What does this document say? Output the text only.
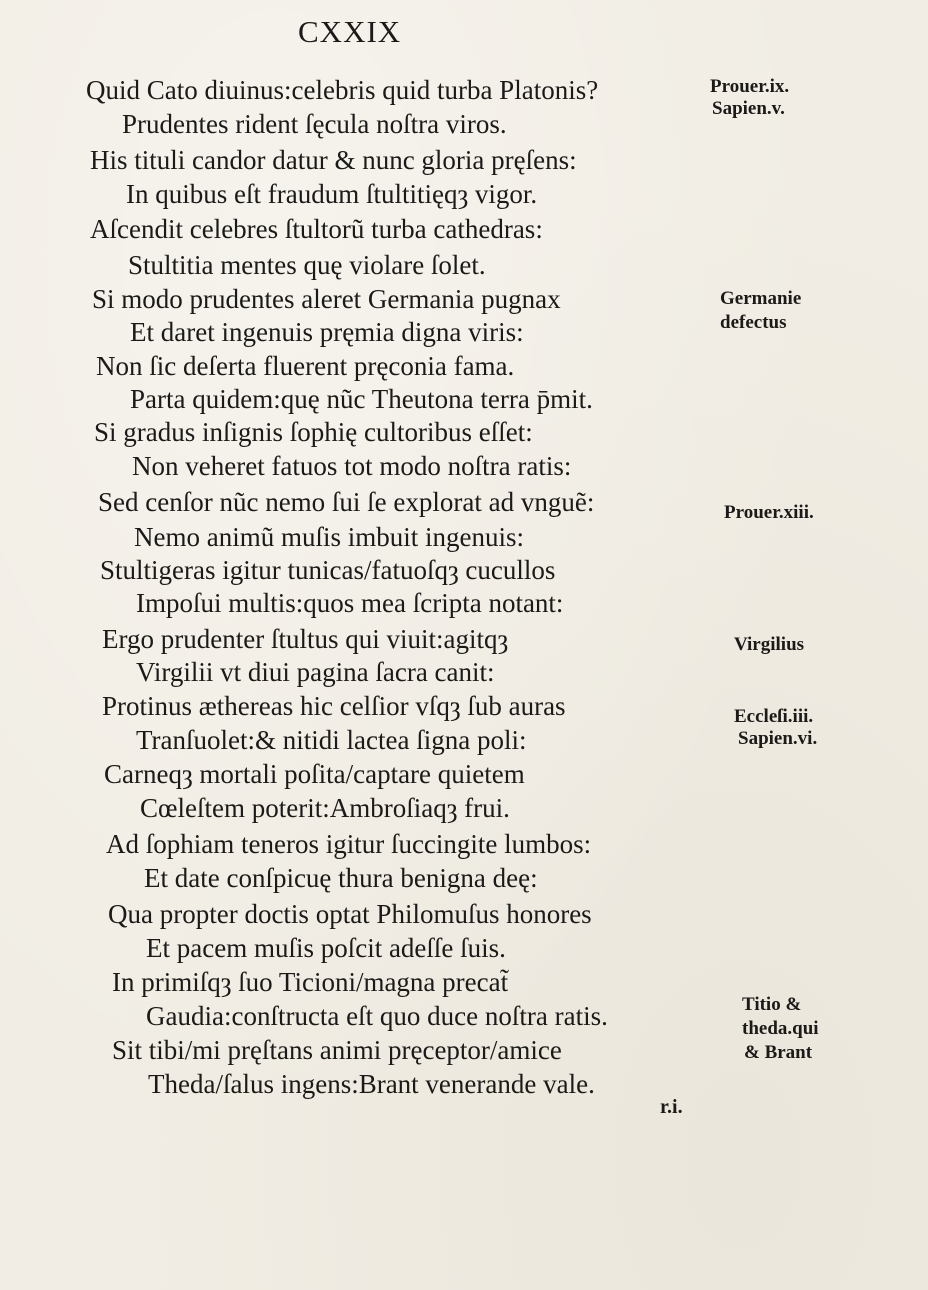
CXXIX
Quid Cato diuinus:celebris quid turba Platonis?
Prudentes rident ſęcula noſtra viros.
His tituli candor datur & nunc gloria pręſens:
In quibus eſt fraudum ſtultitięqȝ vigor.
Aſcendit celebres ſtultorũ turba cathedras:
Stultitia mentes quę violare ſolet.
Si modo prudentes aleret Germania pugnax
Et daret ingenuis pręmia digna viris:
Non ſic deſerta fluerent pręconia fama.
Parta quidem:quę nũc Theutona terra p̄mit.
Si gradus inſignis ſophię cultoribus eſſet:
Non veheret fatuos tot modo noſtra ratis:
Sed cenſor nũc nemo ſui ſe explorat ad vnguẽ:
Nemo animũ muſis imbuit ingenuis:
Stultigeras igitur tunicas/fatuoſqȝ cucullos
Impoſui multis:quos mea ſcripta notant:
Ergo prudenter ſtultus qui viuit:agitqȝ
Virgilii vt diui pagina ſacra canit:
Protinus æthereas hic celſior vſqȝ ſub auras
Tranſuolet:& nitidi lactea ſigna poli:
Carneqȝ mortali poſita/captare quietem
Cœleſtem poterit:Ambroſiaqȝ frui.
Ad ſophiam teneros igitur ſuccingite lumbos:
Et date conſpicuę thura benigna deę:
Qua propter doctis optat Philomuſus honores
Et pacem muſis poſcit adeſſe ſuis.
In primiſqȝ ſuo Ticioni/magna precat̃
Gaudia:conſtructa eſt quo duce noſtra ratis.
Sit tibi/mi pręſtans animi pręceptor/amice
Theda/ſalus ingens:Brant venerande vale.
Prouer.ix.
Sapien.v.
Germanie
defectus
Prouer.xiii.
Virgilius
Eccleſi.iii.
Sapien.vi.
Titio &
theda.qui
& Brant
r.i.
